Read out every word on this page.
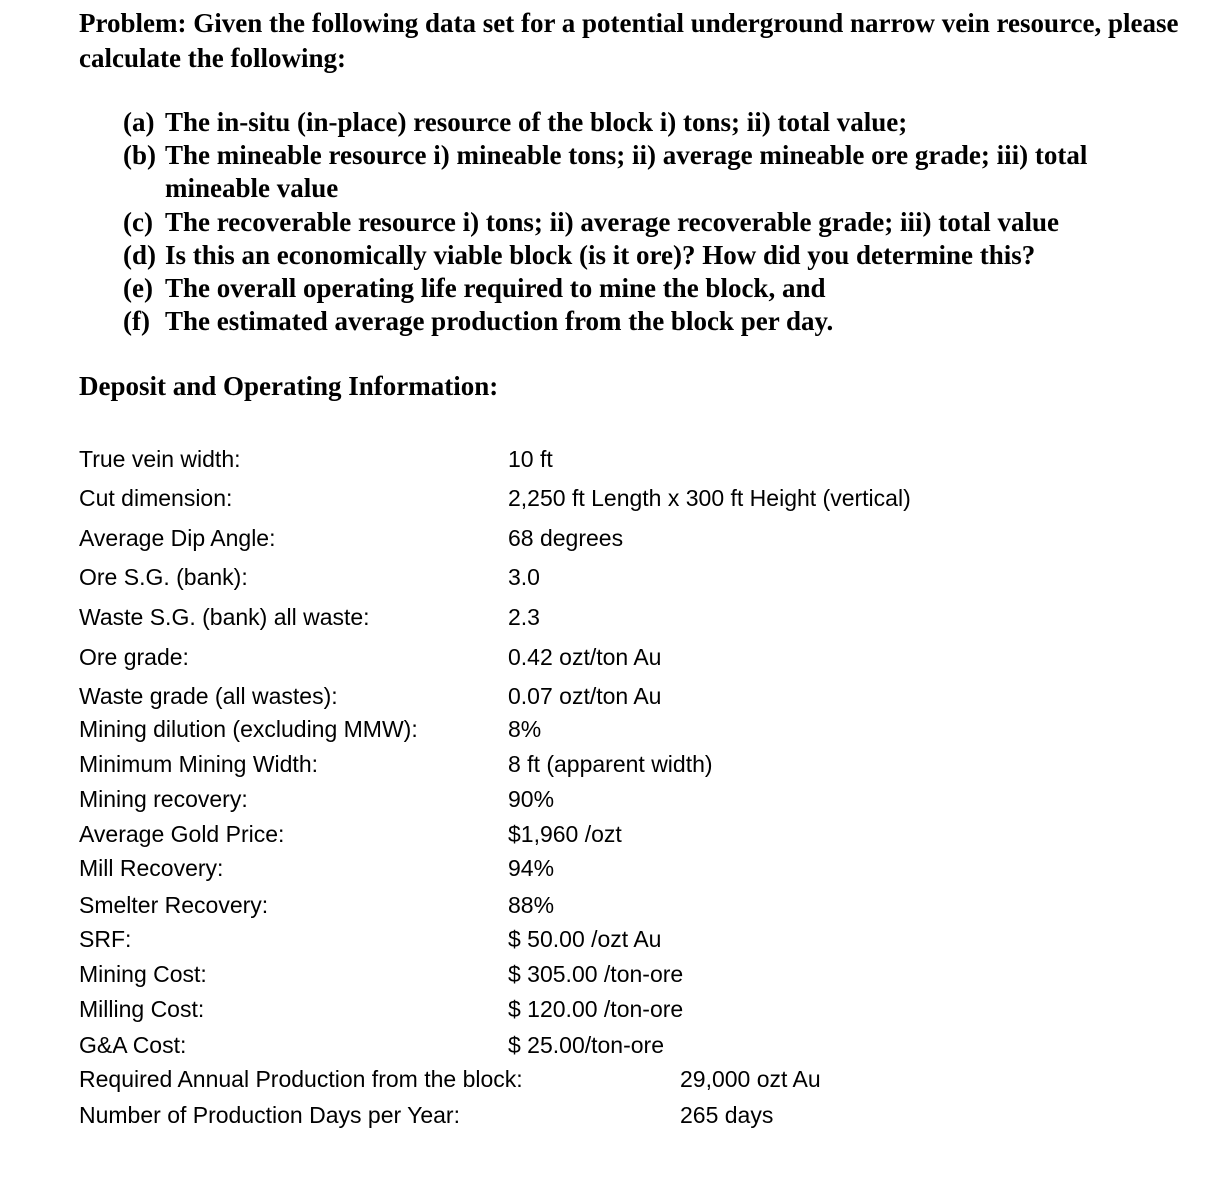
Problem: Given the following data set for a potential underground narrow vein resource, please calculate the following:
(a) The in-situ (in-place) resource of the block i) tons; ii) total value;
(b) The mineable resource i) mineable tons; ii) average mineable ore grade; iii) total
mineable value
(c) The recoverable resource i) tons; ii) average recoverable grade; iii) total value
(d) Is this an economically viable block (is it ore)? How did you determine this?
(e) The overall operating life required to mine the block, and
(f) The estimated average production from the block per day.
Deposit and Operating Information:
True vein width:	10 ft
Cut dimension:	2,250 ft Length x 300 ft Height (vertical)
Average Dip Angle:	68 degrees
Ore S.G. (bank):	3.0
Waste S.G. (bank) all waste:	2.3
Ore grade:	0.42 ozt/ton Au
Waste grade (all wastes):	0.07 ozt/ton Au
Mining dilution (excluding MMW):	8%
Minimum Mining Width:	8 ft (apparent width)
Mining recovery:	90%
Average Gold Price:	$1,960 /ozt
Mill Recovery:	94%
Smelter Recovery:	88%
SRF:	$ 50.00 /ozt Au
Mining Cost:	$ 305.00 /ton-ore
Milling Cost:	$ 120.00 /ton-ore
G&A Cost:	$ 25.00/ton-ore
Required Annual Production from the block:	29,000 ozt Au
Number of Production Days per Year:	265 days
